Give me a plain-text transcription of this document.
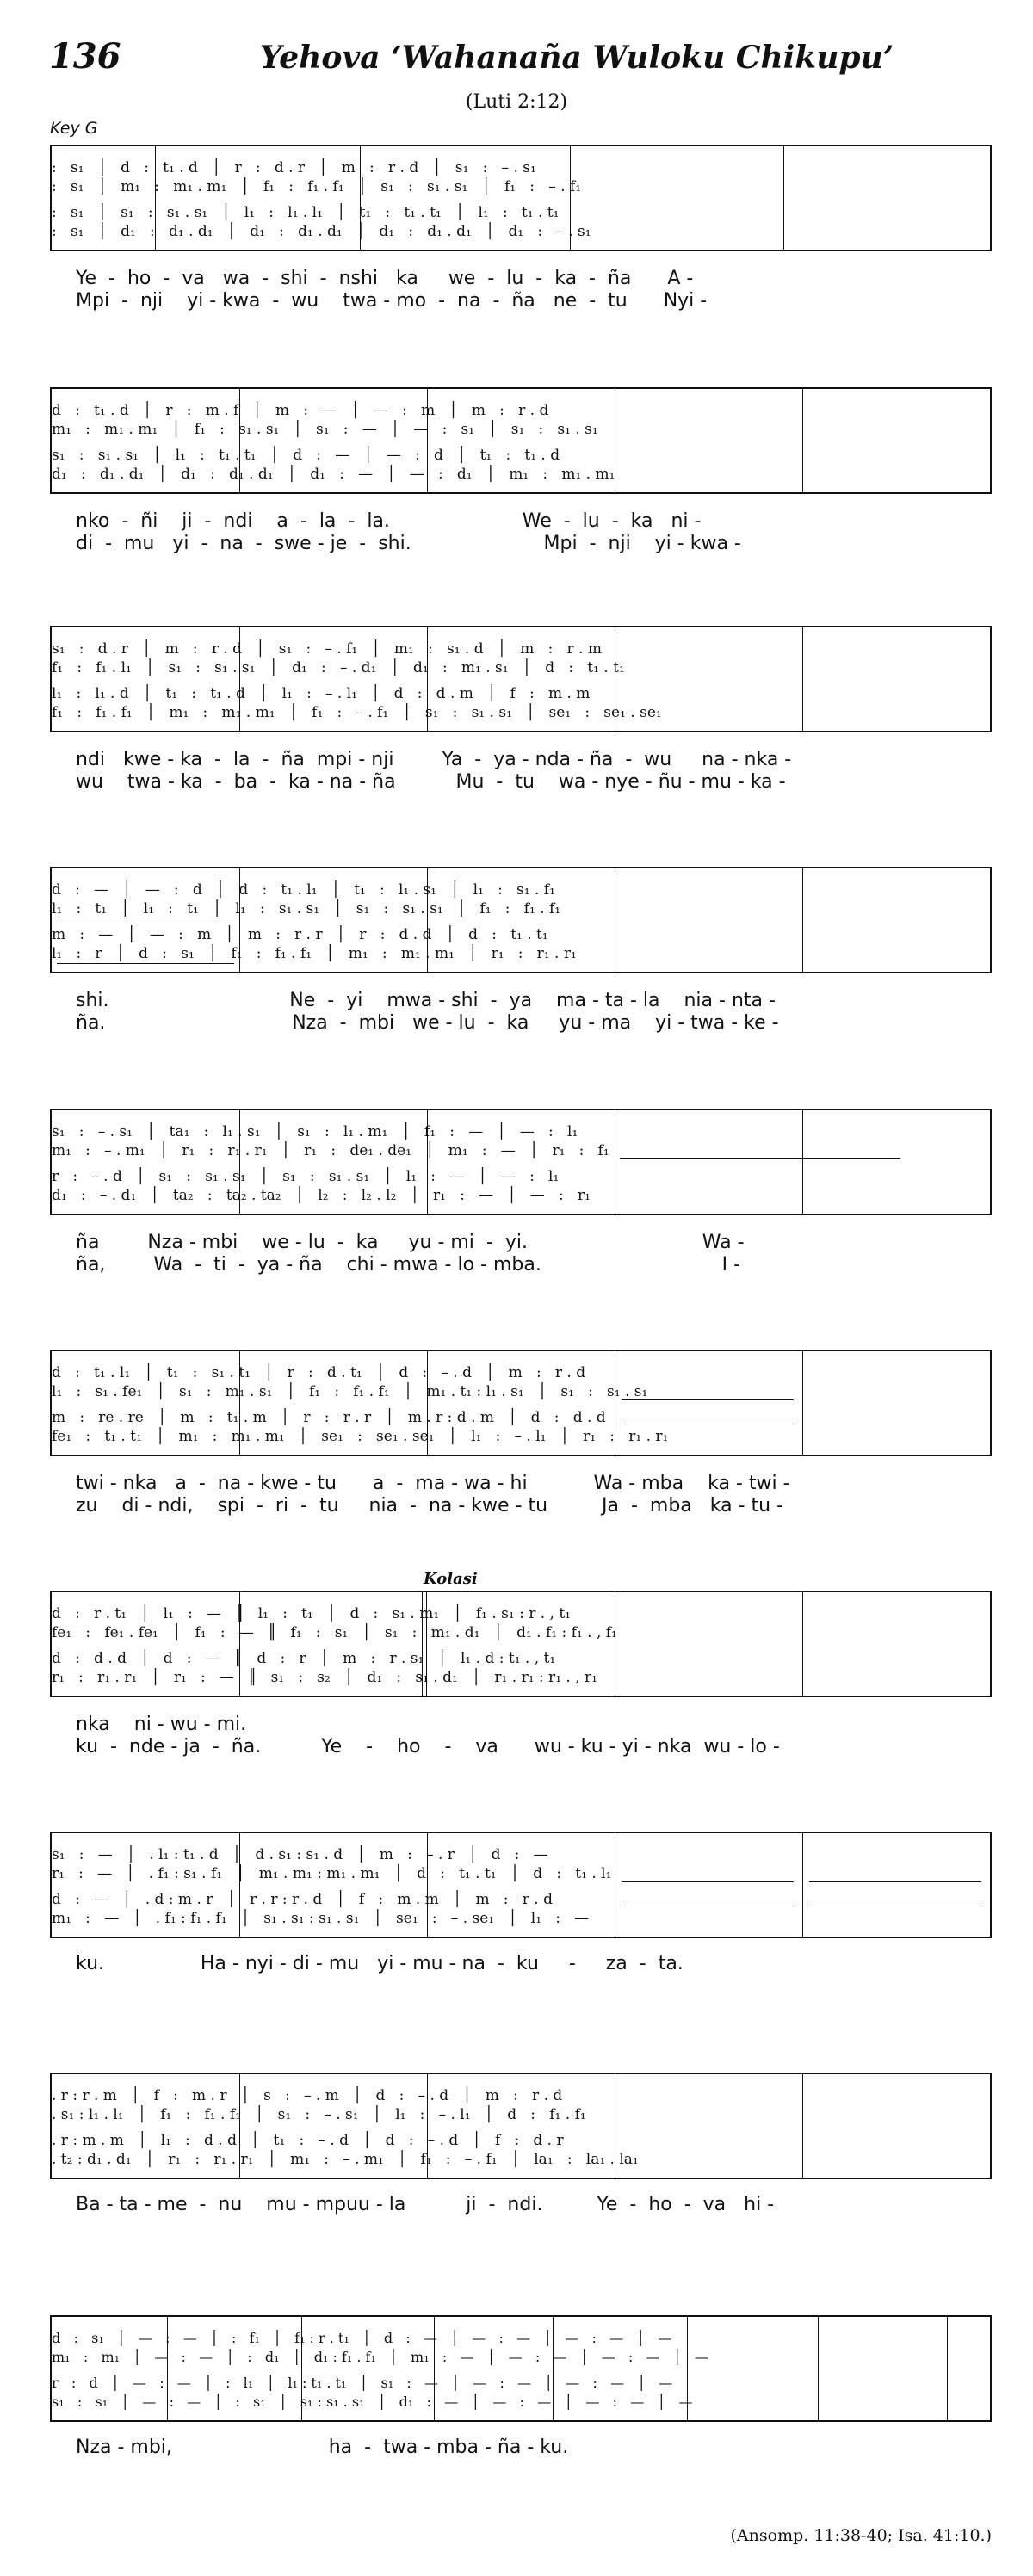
136	Yehova ‘Wahanaña Wuloku Chikupu’
(Luti 2:12)
Key G
:   s₁   │   d   :   t₁ . d   │   r   :   d . r   │   m   :   r . d   │   s₁   :   – . s₁
:   s₁   │   m₁   :   m₁ . m₁   │   f₁   :   f₁ . f₁   │   s₁   :   s₁ . s₁   │   f₁   :   – . f₁
:   s₁   │   s₁   :   s₁ . s₁   │   l₁   :   l₁ . l₁   │   t₁   :   t₁ . t₁   │   l₁   :   t₁ . t₁
:   s₁   │   d₁   :   d₁ . d₁   │   d₁   :   d₁ . d₁   │   d₁   :   d₁ . d₁   │   d₁   :   – . s₁
Ye  -  ho  -  va   wa  -  shi  -  nshi   ka     we  -  lu  -  ka  -  ña      A -
Mpi  -  nji    yi - kwa  -  wu    twa - mo  -  na  -  ña   ne  -  tu      Nyi -
d   :   t₁ . d   │   r   :   m . f   │   m   :   —   │   —   :   m   │   m   :   r . d
m₁   :   m₁ . m₁   │   f₁   :   s₁ . s₁   │   s₁   :   —   │   —   :   s₁   │   s₁   :   s₁ . s₁
s₁   :   s₁ . s₁   │   l₁   :   t₁ . t₁   │   d   :   —   │   —   :   d   │   t₁   :   t₁ . d
d₁   :   d₁ . d₁   │   d₁   :   d₁ . d₁   │   d₁   :   —   │   —   :   d₁   │   m₁   :   m₁ . m₁
nko  -  ñi    ji  -  ndi    a  -  la  -  la.                      We  -  lu  -  ka   ni -
di  -  mu   yi  -  na  -  swe - je  -  shi.                      Mpi  -  nji    yi - kwa -
s₁   :   d . r   │   m   :   r . d   │   s₁   :   – . f₁   │   m₁   :   s₁ . d   │   m   :   r . m
f₁   :   f₁ . l₁   │   s₁   :   s₁ . s₁   │   d₁   :   – . d₁   │   d₁   :   m₁ . s₁   │   d   :   t₁ . t₁
l₁   :   l₁ . d   │   t₁   :   t₁ . d   │   l₁   :   – . l₁   │   d   :   d . m   │   f   :   m . m
f₁   :   f₁ . f₁   │   m₁   :   m₁ . m₁   │   f₁   :   – . f₁   │   s₁   :   s₁ . s₁   │   se₁   :   se₁ . se₁
ndi   kwe - ka  -  la  -  ña  mpi - nji        Ya  -  ya - nda - ña  -  wu     na - nka -
wu    twa - ka  -  ba  -  ka - na - ña          Mu  -  tu    wa - nye - ñu - mu - ka -
d   :   —   │   —   :   d   │   d   :   t₁ . l₁   │   t₁   :   l₁ . s₁   │   l₁   :   s₁ . f₁
l₁   :   t₁   │   l₁   :   t₁   │   l₁   :   s₁ . s₁   │   s₁   :   s₁ . s₁   │   f₁   :   f₁ . f₁
m   :   —   │   —   :   m   │   m   :   r . r   │   r   :   d . d   │   d   :   t₁ . t₁
l₁   :   r   │   d   :   s₁   │   f₁   :   f₁ . f₁   │   m₁   :   m₁ . m₁   │   r₁   :   r₁ . r₁
shi.                              Ne  -  yi    mwa - shi  -  ya    ma - ta - la    nia - nta -
ña.                               Nza  -  mbi   we - lu  -  ka     yu - ma    yi - twa - ke -
s₁   :   – . s₁   │   ta₁   :   l₁ . s₁   │   s₁   :   l₁ . m₁   │   f₁   :   —   │   —   :   l₁
m₁   :   – . m₁   │   r₁   :   r₁ . r₁   │   r₁   :   de₁ . de₁   │   m₁   :   —   │   r₁   :   f₁
r   :   – . d   │   s₁   :   s₁ . s₁   │   s₁   :   s₁ . s₁   │   l₁   :   —   │   —   :   l₁
d₁   :   – . d₁   │   ta₂   :   ta₂ . ta₂   │   l₂   :   l₂ . l₂   │   r₁   :   —   │   —   :   r₁
ña        Nza - mbi    we - lu  -  ka     yu - mi  -  yi.                             Wa -
ña,        Wa  -  ti  -  ya - ña    chi - mwa - lo - mba.                              I -
d   :   t₁ . l₁   │   t₁   :   s₁ . t₁   │   r   :   d . t₁   │   d   :   – . d   │   m   :   r . d
l₁   :   s₁ . fe₁   │   s₁   :   m₁ . s₁   │   f₁   :   f₁ . f₁   │   m₁ . t₁ : l₁ . s₁   │   s₁   :   s₁ . s₁
m   :   re . re   │   m   :   t₁ . m   │   r   :   r . r   │   m . r : d . m   │   d   :   d . d
fe₁   :   t₁ . t₁   │   m₁   :   m₁ . m₁   │   se₁   :   se₁ . se₁   │   l₁   :   – . l₁   │   r₁   :   r₁ . r₁
twi - nka   a  -  na - kwe - tu      a  -  ma - wa - hi           Wa - mba    ka - twi -
zu    di - ndi,    spi  -  ri  -  tu     nia  -  na - kwe - tu         Ja  -  mba   ka - tu -
Kolasi
d   :   r . t₁   │   l₁   :   —   ║   l₁   :   t₁   │   d   :   s₁ . m₁   │   f₁ . s₁ : r . , t₁
fe₁   :   fe₁ . fe₁   │   f₁   :   —   ║   f₁   :   s₁   │   s₁   :   m₁ . d₁   │   d₁ . f₁ : f₁ . , f₁
d   :   d . d   │   d   :   —   ║   d   :   r   │   m   :   r . s₁   │   l₁ . d : t₁ . , t₁
r₁   :   r₁ . r₁   │   r₁   :   —   ║   s₁   :   s₂   │   d₁   :   s₁ . d₁   │   r₁ . r₁ : r₁ . , r₁
nka    ni - wu - mi.
ku  -  nde - ja  -  ña.          Ye    -    ho    -    va      wu - ku - yi - nka  wu - lo -
s₁   :   —   │   . l₁ : t₁ . d   │   d . s₁ : s₁ . d   │   m   :   – . r   │   d   :   —
r₁   :   —   │   . f₁ : s₁ . f₁   │   m₁ . m₁ : m₁ . m₁   │   d   :   t₁ . t₁   │   d   :   t₁ . l₁
d   :   —   │   . d : m . r   │   r . r : r . d   │   f   :   m . m   │   m   :   r . d
m₁   :   —   │   . f₁ : f₁ . f₁   │   s₁ . s₁ : s₁ . s₁   │   se₁   :   – . se₁   │   l₁   :   —
ku.                Ha - nyi - di - mu   yi - mu - na  -  ku     -     za  -  ta.
. r : r . m   │   f   :   m . r   │   s   :   – . m   │   d   :   – . d   │   m   :   r . d
. s₁ : l₁ . l₁   │   f₁   :   f₁ . f₁   │   s₁   :   – . s₁   │   l₁   :   – . l₁   │   d   :   f₁ . f₁
. r : m . m   │   l₁   :   d . d   │   t₁   :   – . d   │   d   :   – . d   │   f   :   d . r
. t₂ : d₁ . d₁   │   r₁   :   r₁ . r₁   │   m₁   :   – . m₁   │   f₁   :   – . f₁   │   la₁   :   la₁ . la₁
Ba - ta - me  -  nu    mu - mpuu - la          ji  -  ndi.         Ye  -  ho  -  va   hi -
d   :   s₁   │   —   :   —   │   :   f₁   │   f₁ : r . t₁   │   d   :   —   │   —   :   —   │   —   :   —   │   —
m₁   :   m₁   │   —   :   —   │   :   d₁   │   d₁ : f₁ . f₁   │   m₁   :   —   │   —   :   —   │   —   :   —   │   —
r   :   d   │   —   :   —   │   :   l₁   │   l₁ : t₁ . t₁   │   s₁   :   —   │   —   :   —   │   —   :   —   │   —
s₁   :   s₁   │   —   :   —   │   :   s₁   │   s₁ : s₁ . s₁   │   d₁   :   —   │   —   :   —   │   —   :   —   │   —
Nza - mbi,                          ha  -  twa - mba - ña - ku.
(Ansomp. 11:38-40; Isa. 41:10.)
